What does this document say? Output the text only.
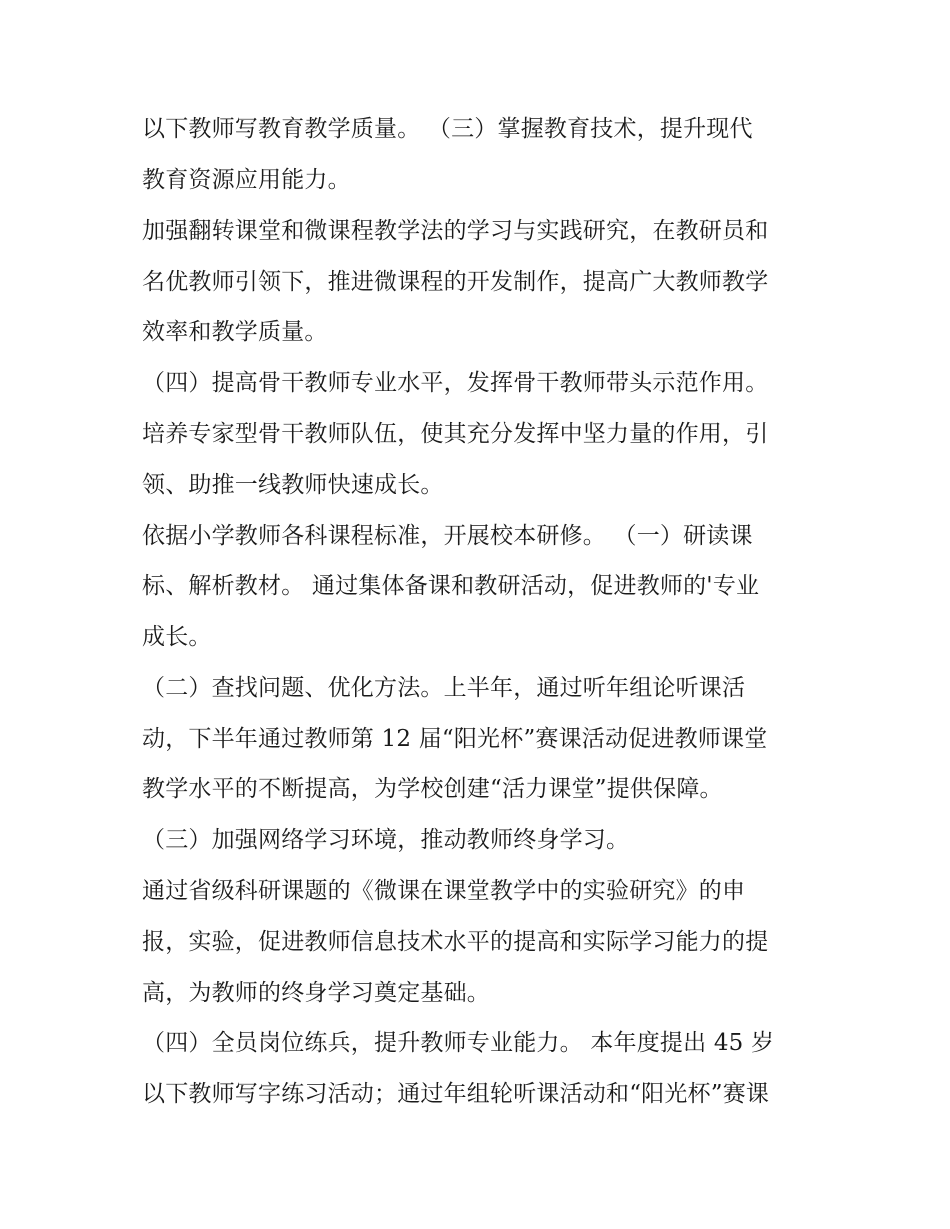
以下教师写教育教学质量。 （三）掌握教育技术，提升现代
教育资源应用能力。
加强翻转课堂和微课程教学法的学习与实践研究，在教研员和
名优教师引领下，推进微课程的开发制作，提高广大教师教学
效率和教学质量。
（四）提高骨干教师专业水平，发挥骨干教师带头示范作用。
培养专家型骨干教师队伍，使其充分发挥中坚力量的作用，引
领、助推一线教师快速成长。
依据小学教师各科课程标准，开展校本研修。 （一）研读课
标、解析教材。 通过集体备课和教研活动，促进教师的'专业
成长。
（二）查找问题、优化方法。上半年，通过听年组论听课活
动，下半年通过教师第 12 届“阳光杯”赛课活动促进教师课堂
教学水平的不断提高，为学校创建“活力课堂”提供保障。
（三）加强网络学习环境，推动教师终身学习。
通过省级科研课题的《微课在课堂教学中的实验研究》的申
报，实验，促进教师信息技术水平的提高和实际学习能力的提
高，为教师的终身学习奠定基础。
（四）全员岗位练兵，提升教师专业能力。 本年度提出 45 岁
以下教师写字练习活动；通过年组轮听课活动和“阳光杯”赛课
